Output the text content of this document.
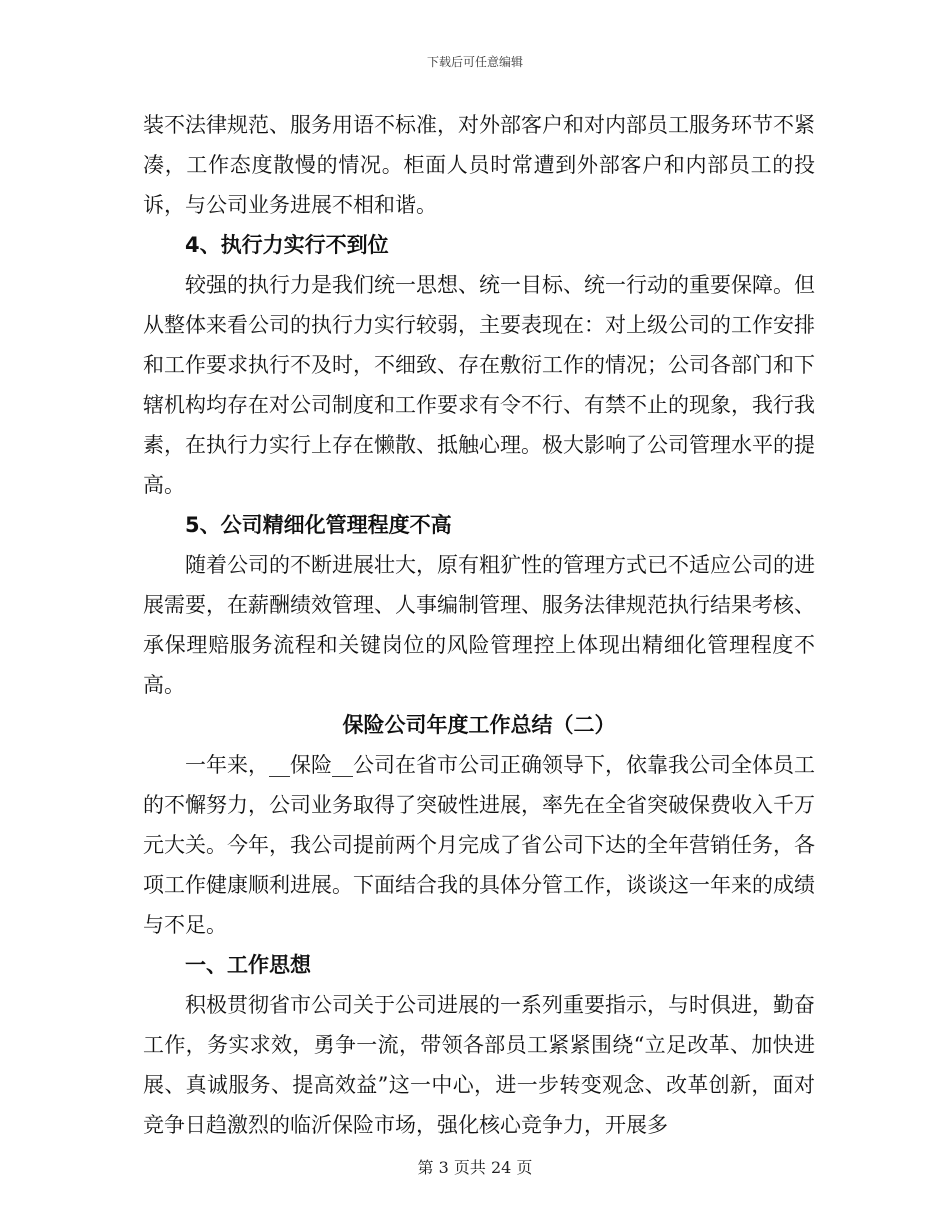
下载后可任意编辑

装不法律规范、服务用语不标准，对外部客户和对内部员工服务环节不紧凑，工作态度散慢的情况。柜面人员时常遭到外部客户和内部员工的投诉，与公司业务进展不相和谐。

4、执行力实行不到位

较强的执行力是我们统一思想、统一目标、统一行动的重要保障。但从整体来看公司的执行力实行较弱，主要表现在：对上级公司的工作安排和工作要求执行不及时，不细致、存在敷衍工作的情况；公司各部门和下辖机构均存在对公司制度和工作要求有令不行、有禁不止的现象，我行我素，在执行力实行上存在懒散、抵触心理。极大影响了公司管理水平的提高。

5、公司精细化管理程度不高

随着公司的不断进展壮大，原有粗犷性的管理方式已不适应公司的进展需要，在薪酬绩效管理、人事编制管理、服务法律规范执行结果考核、承保理赔服务流程和关键岗位的风险管理控上体现出精细化管理程度不高。

保险公司年度工作总结（二）

一年来，__保险__公司在省市公司正确领导下，依靠我公司全体员工的不懈努力，公司业务取得了突破性进展，率先在全省突破保费收入千万元大关。今年，我公司提前两个月完成了省公司下达的全年营销任务，各项工作健康顺利进展。下面结合我的具体分管工作，谈谈这一年来的成绩与不足。

一、工作思想

积极贯彻省市公司关于公司进展的一系列重要指示，与时俱进，勤奋工作，务实求效，勇争一流，带领各部员工紧紧围绕“立足改革、加快进展、真诚服务、提高效益”这一中心，进一步转变观念、改革创新，面对竞争日趋激烈的临沂保险市场，强化核心竞争力，开展多

第 3 页共 24 页
